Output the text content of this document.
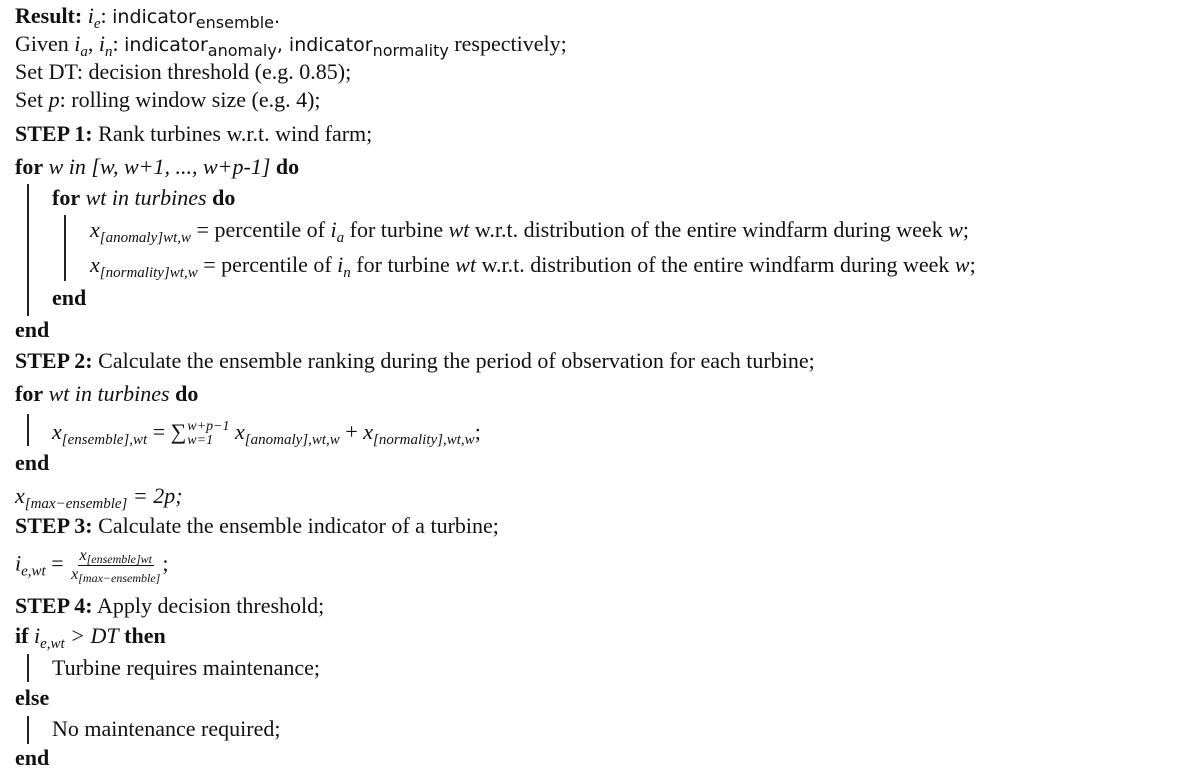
Result: $i_e$: indicator$_{ensemble}$.
Given $i_a$, $i_n$: indicator$_{anomaly}$, indicator$_{normality}$ respectively;
Set DT: decision threshold (e.g. 0.85);
Set p: rolling window size (e.g. 4);
STEP 1: Rank turbines w.r.t. wind farm;
for w in [w, w+1, ..., w+p-1] do
for wt in turbines do
$x_{[anomaly]wt,w}$ = percentile of $i_a$ for turbine wt w.r.t. distribution of the entire windfarm during week w;
$x_{[normality]wt,w}$ = percentile of $i_n$ for turbine wt w.r.t. distribution of the entire windfarm during week w;
end
end
STEP 2: Calculate the ensemble ranking during the period of observation for each turbine;
for wt in turbines do
$x_{[ensemble],wt}$ = ∑ w+p−1
w=1 $x_{[anomaly],wt,w} + x_{[normality],wt,w}$;
end
$x_{[max-ensemble]} = 2p$;
STEP 3: Calculate the ensemble indicator of a turbine;
$i_{e,wt} = \frac{x_{[ensemble]wt}}{x_{[max-ensemble]}}$ ;
STEP 4: Apply decision threshold;
if $i_{e,wt}$ > DT then
Turbine requires maintenance;
else
No maintenance required;
end
